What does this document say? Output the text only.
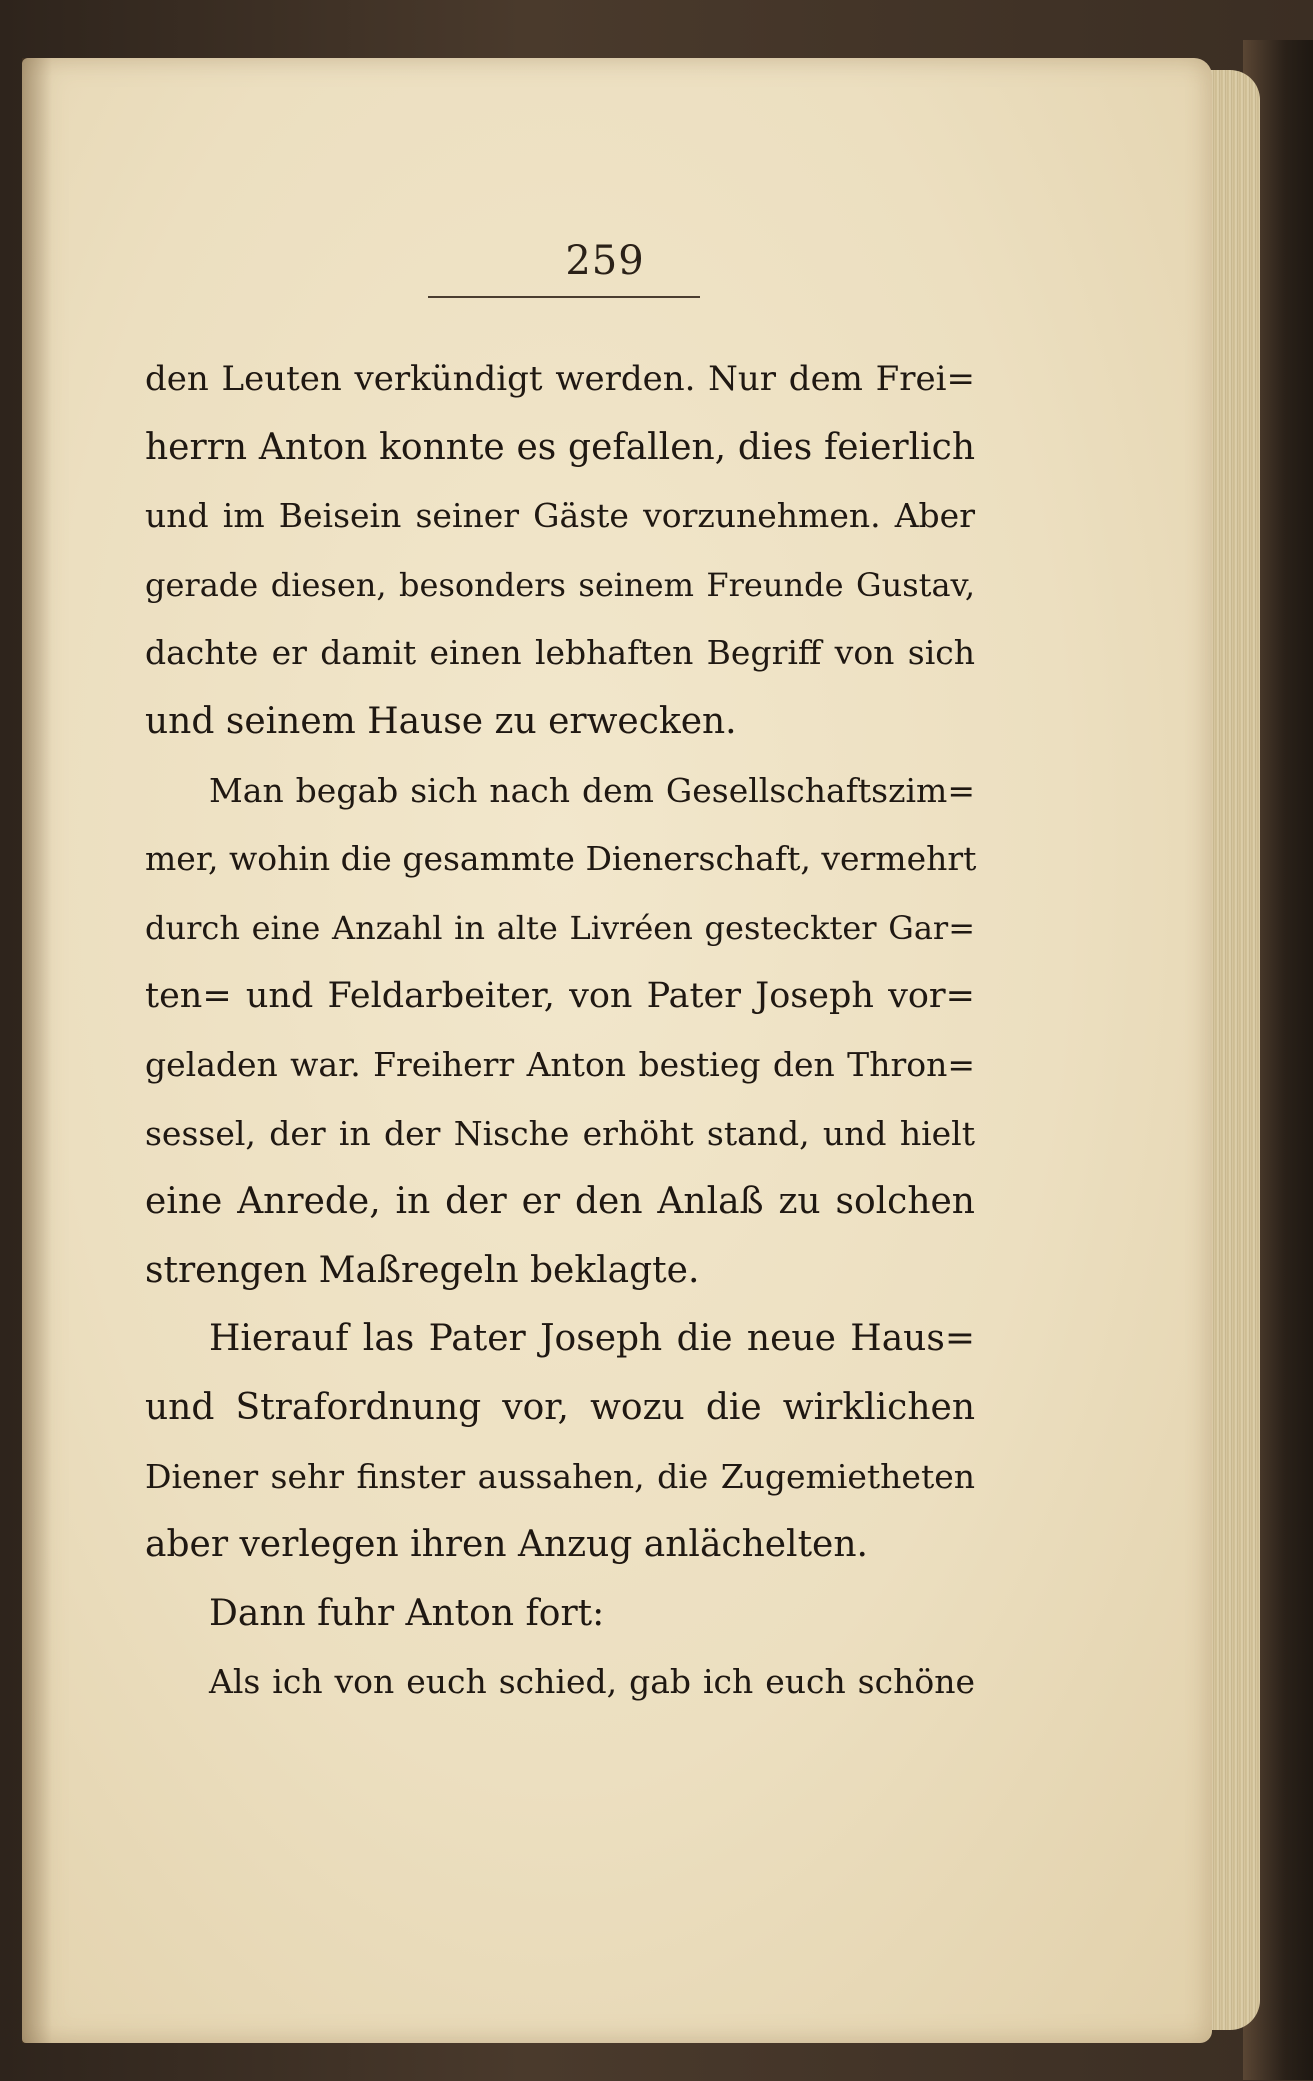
259
den Leuten verkündigt werden. Nur dem Frei=
herrn Anton konnte es gefallen, dies feierlich
und im Beisein seiner Gäste vorzunehmen. Aber
gerade diesen, besonders seinem Freunde Gustav,
dachte er damit einen lebhaften Begriff von sich
und seinem Hause zu erwecken.
Man begab sich nach dem Gesellschaftszim=
mer, wohin die gesammte Dienerschaft, vermehrt
durch eine Anzahl in alte Livréen gesteckter Gar=
ten= und Feldarbeiter, von Pater Joseph vor=
geladen war. Freiherr Anton bestieg den Thron=
sessel, der in der Nische erhöht stand, und hielt
eine Anrede, in der er den Anlaß zu solchen
strengen Maßregeln beklagte.
Hierauf las Pater Joseph die neue Haus=
und Strafordnung vor, wozu die wirklichen
Diener sehr finster aussahen, die Zugemietheten
aber verlegen ihren Anzug anlächelten.
Dann fuhr Anton fort:
Als ich von euch schied, gab ich euch schöne
